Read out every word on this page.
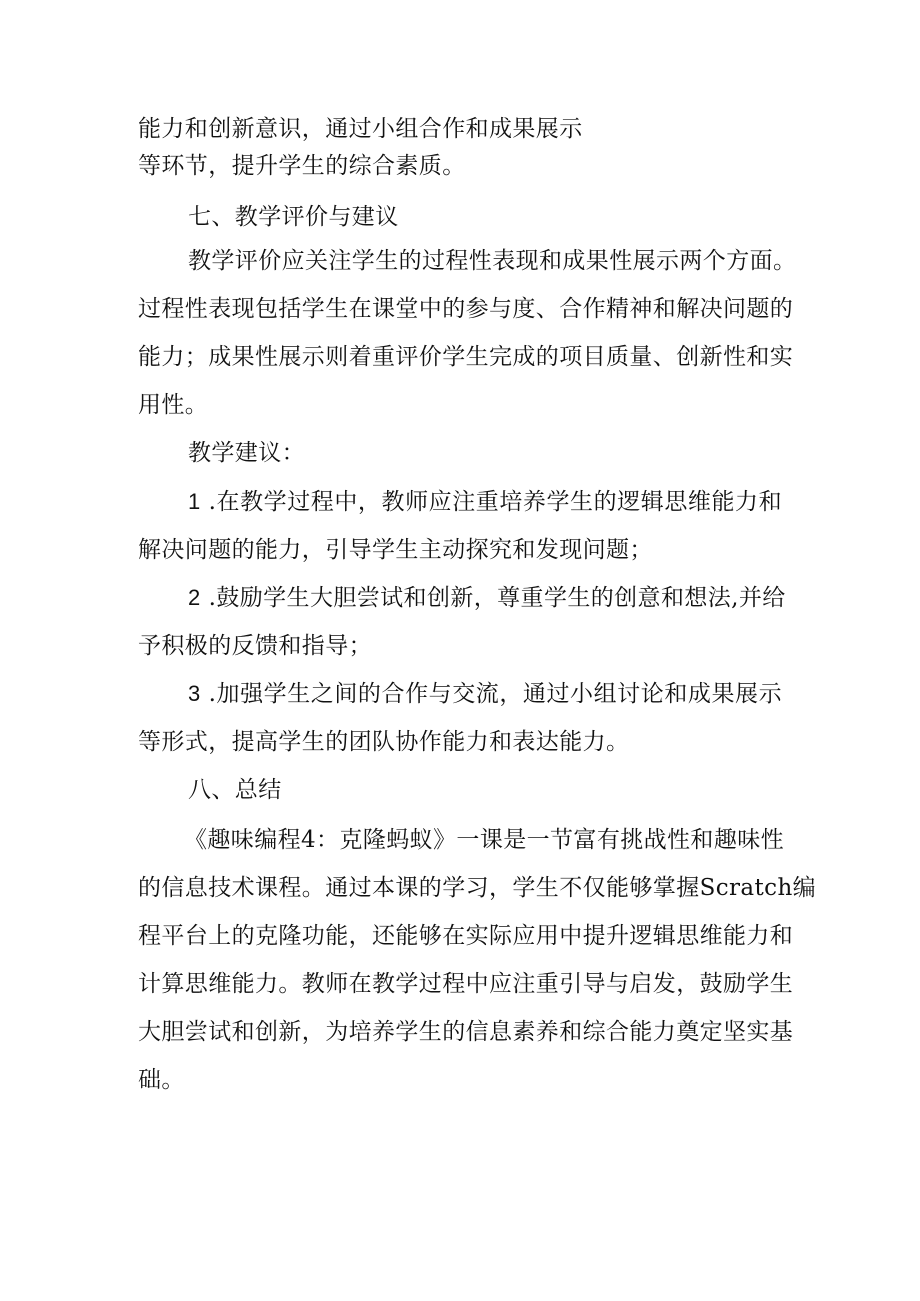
能力和创新意识，通过小组合作和成果展示

等环节，提升学生的综合素质。

七、教学评价与建议

教学评价应关注学生的过程性表现和成果性展示两个方面。

过程性表现包括学生在课堂中的参与度、合作精神和解决问题的

能力；成果性展示则着重评价学生完成的项目质量、创新性和实

用性。

教学建议：

1 .在教学过程中，教师应注重培养学生的逻辑思维能力和

解决问题的能力，引导学生主动探究和发现问题；

2 .鼓励学生大胆尝试和创新，尊重学生的创意和想法,并给

予积极的反馈和指导；

3 .加强学生之间的合作与交流，通过小组讨论和成果展示

等形式，提高学生的团队协作能力和表达能力。

八、总结

《趣味编程4：克隆蚂蚁》一课是一节富有挑战性和趣味性

的信息技术课程。通过本课的学习，学生不仅能够掌握Scratch编

程平台上的克隆功能，还能够在实际应用中提升逻辑思维能力和

计算思维能力。教师在教学过程中应注重引导与启发，鼓励学生

大胆尝试和创新，为培养学生的信息素养和综合能力奠定坚实基

础。
